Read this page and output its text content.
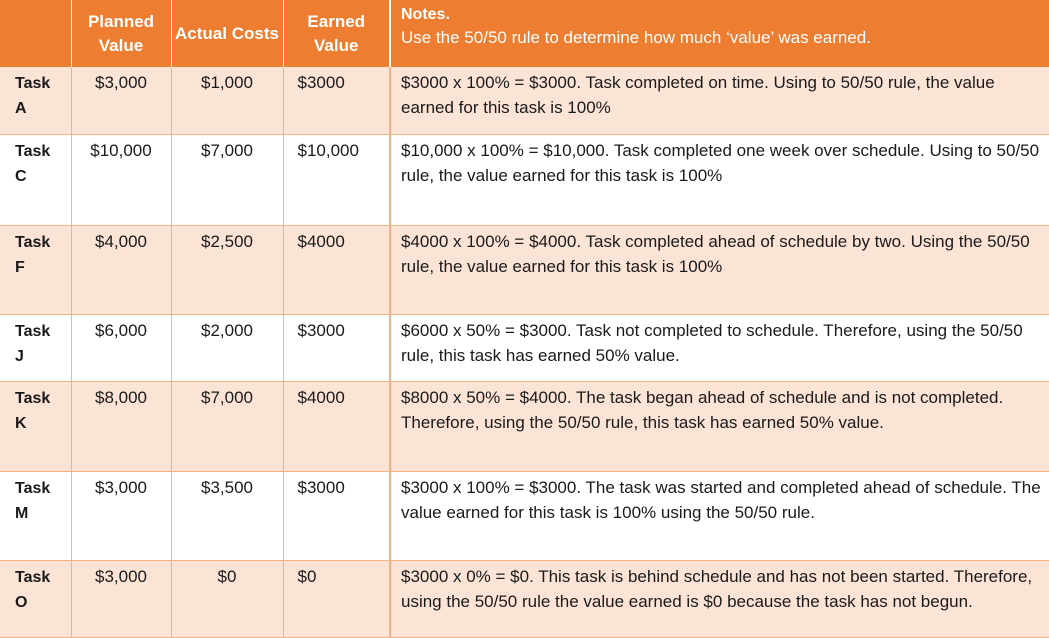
	Planned Value	Actual Costs	Earned Value	Notes.
Use the 50/50 rule to determine how much ‘value’ was earned.

Task
A	$3,000	$1,000	$3000	$3000 x 100% = $3000. Task completed on time. Using to 50/50 rule, the value earned for this task is 100%

Task
C	$10,000	$7,000	$10,000	$10,000 x 100% = $10,000. Task completed one week over schedule. Using to 50/50 rule, the value earned for this task is 100%

Task
F	$4,000	$2,500	$4000	$4000 x 100% = $4000. Task completed ahead of schedule by two. Using the 50/50 rule, the value earned for this task is 100%

Task
J	$6,000	$2,000	$3000	$6000 x 50% = $3000. Task not completed to schedule. Therefore, using the 50/50 rule, this task has earned 50% value.

Task
K	$8,000	$7,000	$4000	$8000 x 50% = $4000. The task began ahead of schedule and is not completed. Therefore, using the 50/50 rule, this task has earned 50% value.

Task
M	$3,000	$3,500	$3000	$3000 x 100% = $3000. The task was started and completed ahead of schedule. The value earned for this task is 100% using the 50/50 rule.

Task
O	$3,000	$0	$0	$3000 x 0% = $0. This task is behind schedule and has not been started. Therefore, using the 50/50 rule the value earned is $0 because the task has not begun.
